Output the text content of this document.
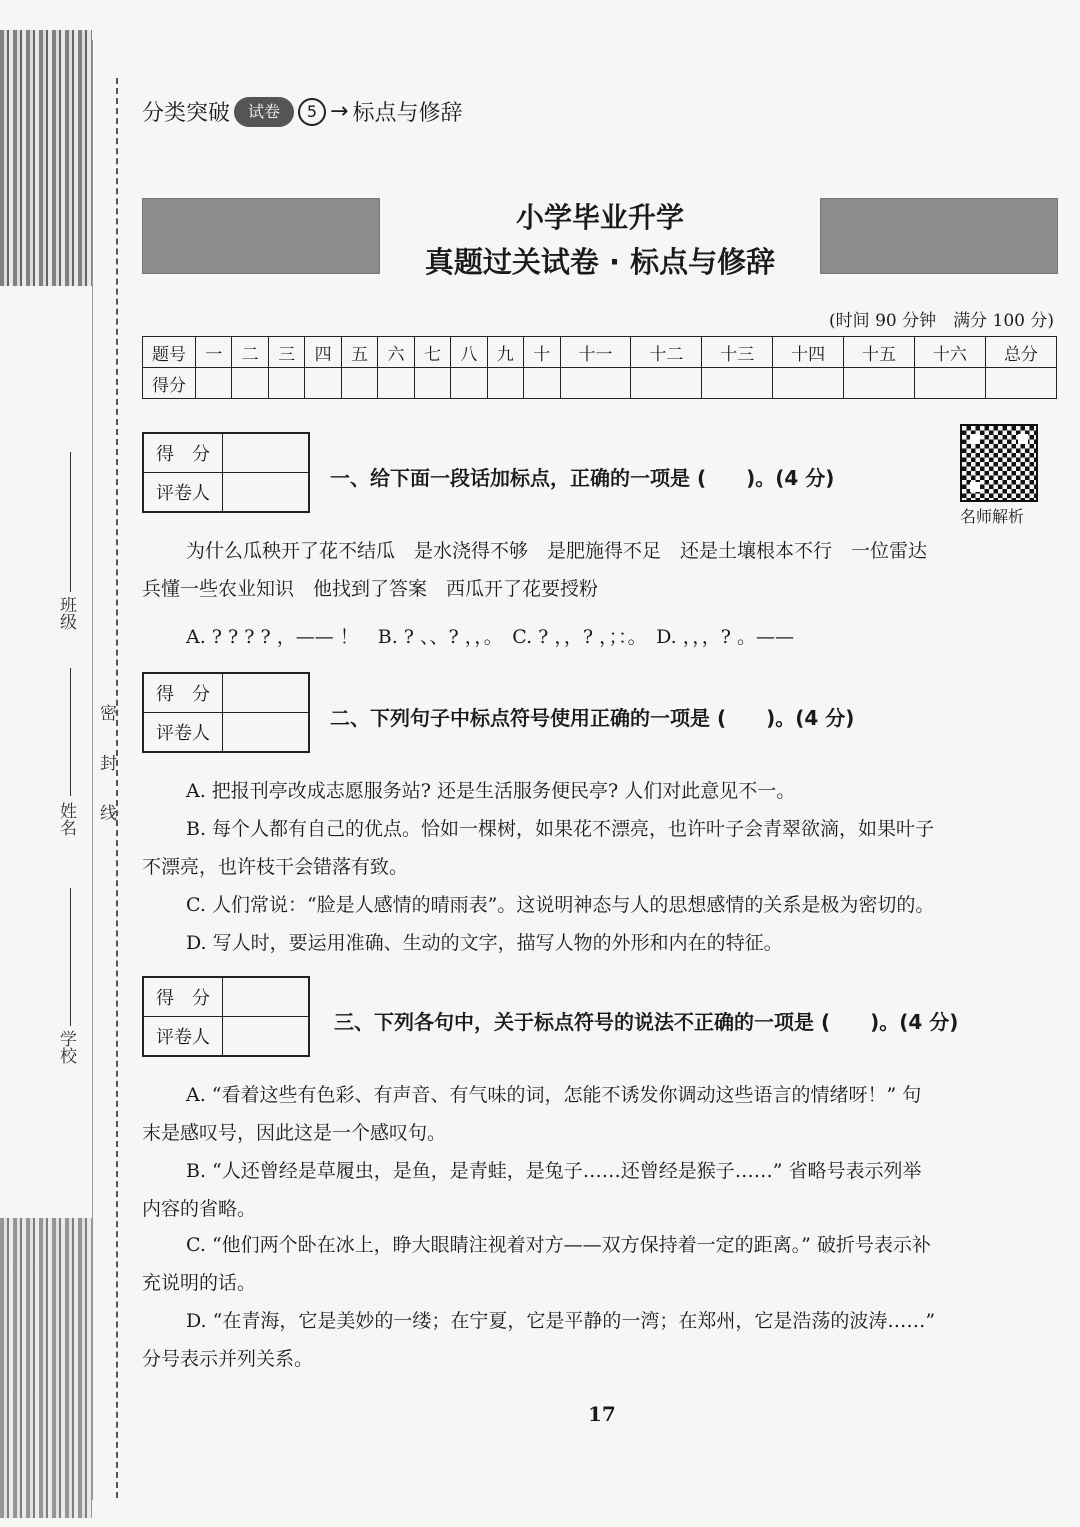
班级
姓名
学校
密　封　线
分类突破	试卷	5 → 标点与修辞
小学毕业升学
真题过关试卷 · 标点与修辞
(时间 90 分钟　满分 100 分)
题号	一	二	三	四	五	六	七	八	九	十	十一	十二	十三	十四	十五	十六	总分
得分																	
得　分
评卷人
一、给下面一段话加标点，正确的一项是 (　　)。(4 分)
名师解析
为什么瓜秧开了花不结瓜　是水浇得不够　是肥施得不足　还是土壤根本不行　一位雷达
兵懂一些农业知识　他找到了答案　西瓜开了花要授粉
A. ? ? ? ? ，—— ！　B. ? 、、? ，，。　C. ? ，，? ，；：。　D. ，，，? 。——
得　分
评卷人
二、下列句子中标点符号使用正确的一项是 (　　)。(4 分)
A. 把报刊亭改成志愿服务站? 还是生活服务便民亭? 人们对此意见不一。
B. 每个人都有自己的优点。恰如一棵树，如果花不漂亮，也许叶子会青翠欲滴，如果叶子
不漂亮，也许枝干会错落有致。
C. 人们常说：“脸是人感情的晴雨表”。这说明神态与人的思想感情的关系是极为密切的。
D. 写人时，要运用准确、生动的文字，描写人物的外形和内在的特征。
得　分
评卷人
三、下列各句中，关于标点符号的说法不正确的一项是 (　　)。(4 分)
A. “看着这些有色彩、有声音、有气味的词，怎能不诱发你调动这些语言的情绪呀！” 句
末是感叹号，因此这是一个感叹句。
B. “人还曾经是草履虫，是鱼，是青蛙，是兔子……还曾经是猴子……” 省略号表示列举
内容的省略。
C. “他们两个卧在冰上，睁大眼睛注视着对方——双方保持着一定的距离。” 破折号表示补
充说明的话。
D. “在青海，它是美妙的一缕；在宁夏，它是平静的一湾；在郑州，它是浩荡的波涛……”
分号表示并列关系。
17
